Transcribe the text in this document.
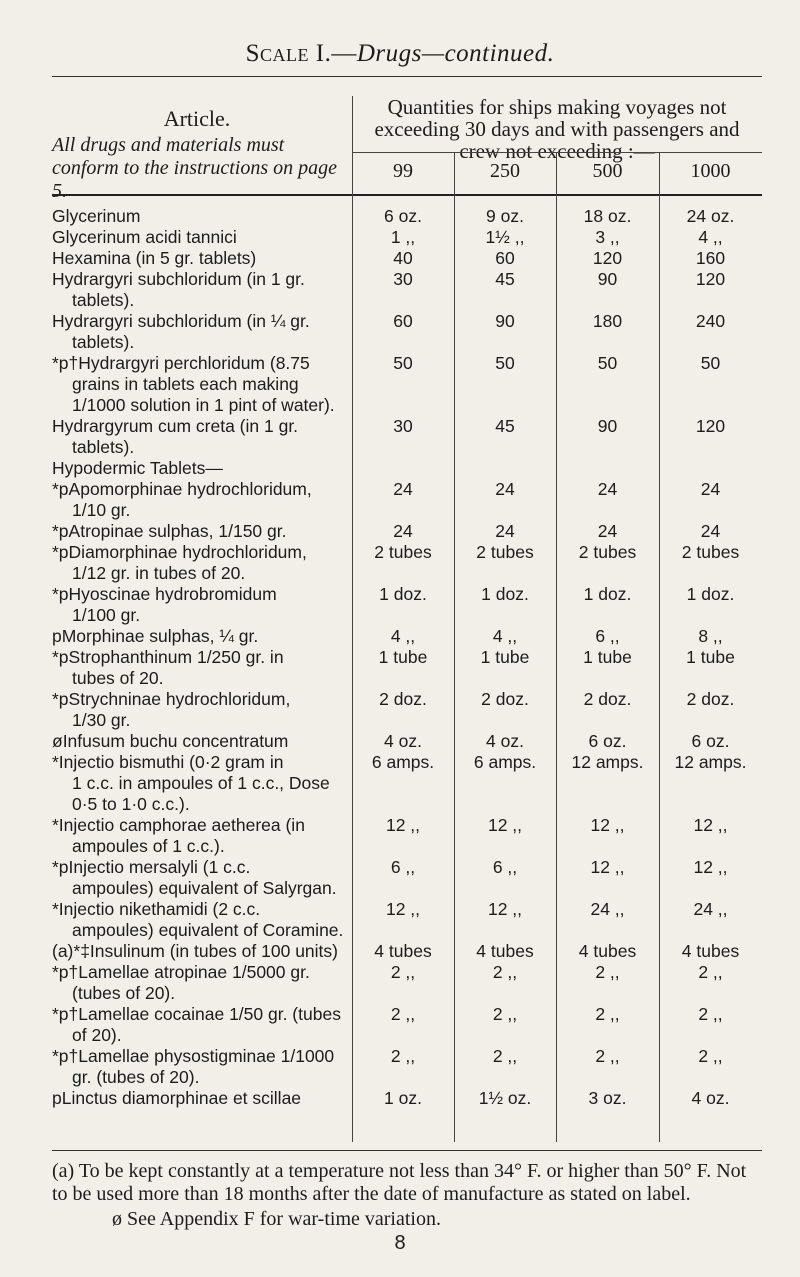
Scale I.—Drugs—continued.
Article.
All drugs and materials must conform to the instructions on page 5.
Quantities for ships making voyages not exceeding 30 days and with passengers and crew not exceeding :—
99	250	500	1000
Glycerinum	6 oz.	9 oz.	18 oz.	24 oz.
Glycerinum acidi tannici	1 ,,	1½ ,,	3 ,,	4 ,,
Hexamina (in 5 gr. tablets)	40	60	120	160
Hydrargyri subchloridum (in 1 gr.
tablets).	30	45	90	120
Hydrargyri subchloridum (in ¼ gr.
tablets).	60	90	180	240
*p†Hydrargyri perchloridum (8.75
grains in tablets each making 1/1000 solution in 1 pint of water).	50	50	50	50
Hydrargyrum cum creta (in 1 gr.
tablets).	30	45	90	120
Hypodermic Tablets—				
*pApomorphinae hydrochloridum,
1/10 gr.	24	24	24	24
*pAtropinae sulphas, 1/150 gr.	24	24	24	24
*pDiamorphinae hydrochloridum,
1/12 gr. in tubes of 20.	2 tubes	2 tubes	2 tubes	2 tubes
*pHyoscinae hydrobromidum
1/100 gr.	1 doz.	1 doz.	1 doz.	1 doz.
pMorphinae sulphas, ¼ gr.	4 ,,	4 ,,	6 ,,	8 ,,
*pStrophanthinum 1/250 gr. in
tubes of 20.	1 tube	1 tube	1 tube	1 tube
*pStrychninae hydrochloridum,
1/30 gr.	2 doz.	2 doz.	2 doz.	2 doz.
øInfusum buchu concentratum	4 oz.	4 oz.	6 oz.	6 oz.
*Injectio bismuthi (0·2 gram in
1 c.c. in ampoules of 1 c.c., Dose 0·5 to 1·0 c.c.).	6 amps.	6 amps.	12 amps.	12 amps.
*Injectio camphorae aetherea (in
ampoules of 1 c.c.).	12 ,,	12 ,,	12 ,,	12 ,,
*pInjectio mersalyli (1 c.c.
ampoules) equivalent of Salyrgan.	6 ,,	6 ,,	12 ,,	12 ,,
*Injectio nikethamidi (2 c.c.
ampoules) equivalent of Coramine.	12 ,,	12 ,,	24 ,,	24 ,,
(a)*‡Insulinum (in tubes of 100 units)	4 tubes	4 tubes	4 tubes	4 tubes
*p†Lamellae atropinae 1/5000 gr.
(tubes of 20).	2 ,,	2 ,,	2 ,,	2 ,,
*p†Lamellae cocainae 1/50 gr. (tubes
of 20).	2 ,,	2 ,,	2 ,,	2 ,,
*p†Lamellae physostigminae 1/1000
gr. (tubes of 20).	2 ,,	2 ,,	2 ,,	2 ,,
pLinctus diamorphinae et scillae	1 oz.	1½ oz.	3 oz.	4 oz.
(a) To be kept constantly at a temperature not less than 34° F. or higher than 50° F. Not to be used more than 18 months after the date of manufacture as stated on label.
ø See Appendix F for war-time variation.
8
